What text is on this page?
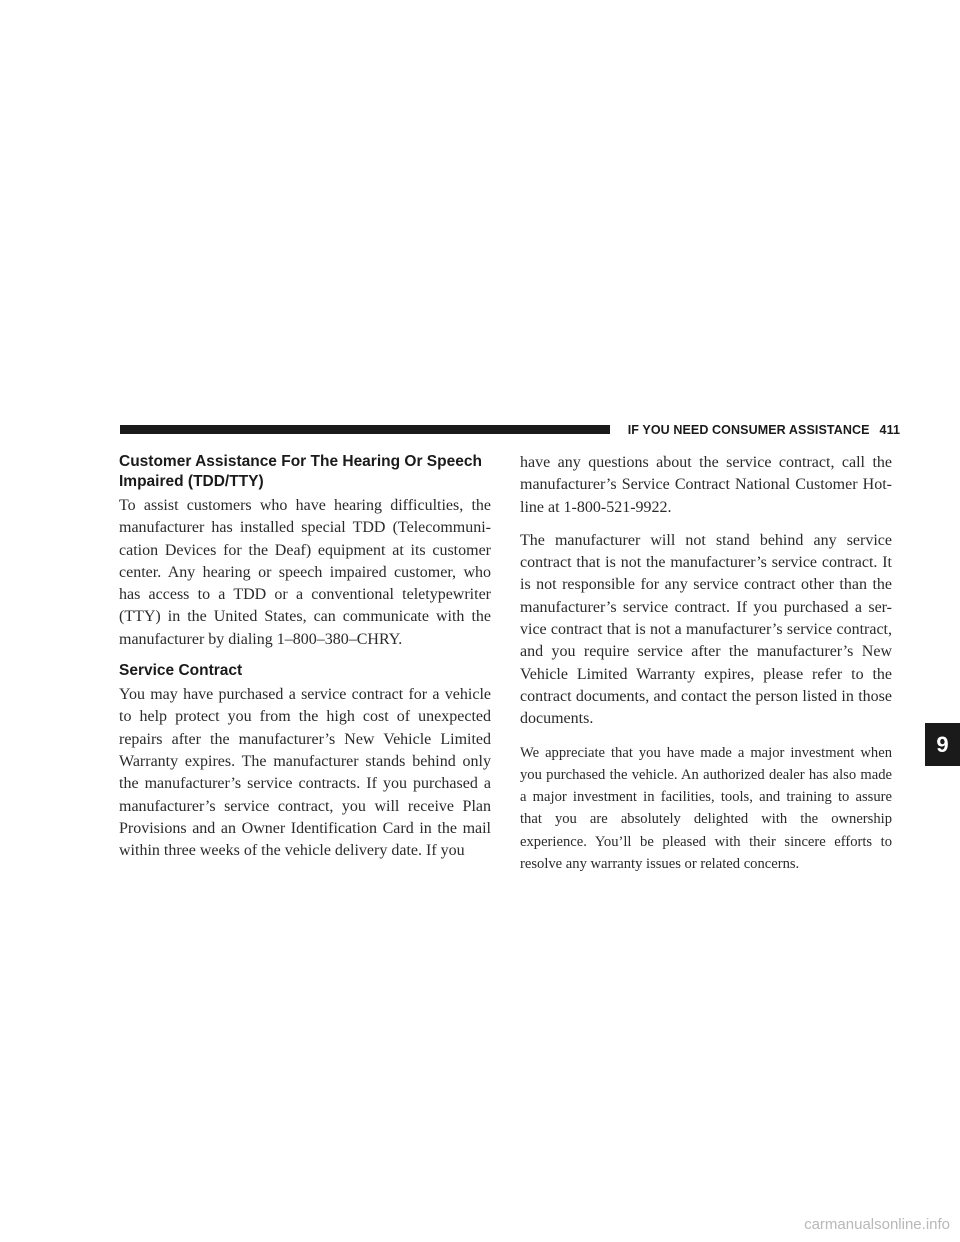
IF YOU NEED CONSUMER ASSISTANCE 411
Customer Assistance For The Hearing Or Speech Impaired (TDD/TTY)

To assist customers who have hearing difficulties, the manufacturer has installed special TDD (Telecommuni-cation Devices for the Deaf) equipment at its customer center. Any hearing or speech impaired customer, who has access to a TDD or a conventional teletypewriter (TTY) in the United States, can communicate with the manufacturer by dialing 1–800–380–CHRY.

Service Contract

You may have purchased a service contract for a vehicle to help protect you from the high cost of unexpected repairs after the manufacturer’s New Vehicle Limited Warranty expires. The manufacturer stands behind only the manufacturer’s service contracts. If you purchased a manufacturer’s service contract, you will receive Plan Provisions and an Owner Identification Card in the mail within three weeks of the vehicle delivery date. If you

have any questions about the service contract, call the manufacturer’s Service Contract National Customer Hot-line at 1-800-521-9922.

The manufacturer will not stand behind any service contract that is not the manufacturer’s service contract. It is not responsible for any service contract other than the manufacturer’s service contract. If you purchased a ser-vice contract that is not a manufacturer’s service contract, and you require service after the manufacturer’s New Vehicle Limited Warranty expires, please refer to the contract documents, and contact the person listed in those documents.

We appreciate that you have made a major investment when you purchased the vehicle. An authorized dealer has also made a major investment in facilities, tools, and training to assure that you are absolutely delighted with the ownership experience. You’ll be pleased with their sincere efforts to resolve any warranty issues or related concerns.

9
carmanualsonline.info
